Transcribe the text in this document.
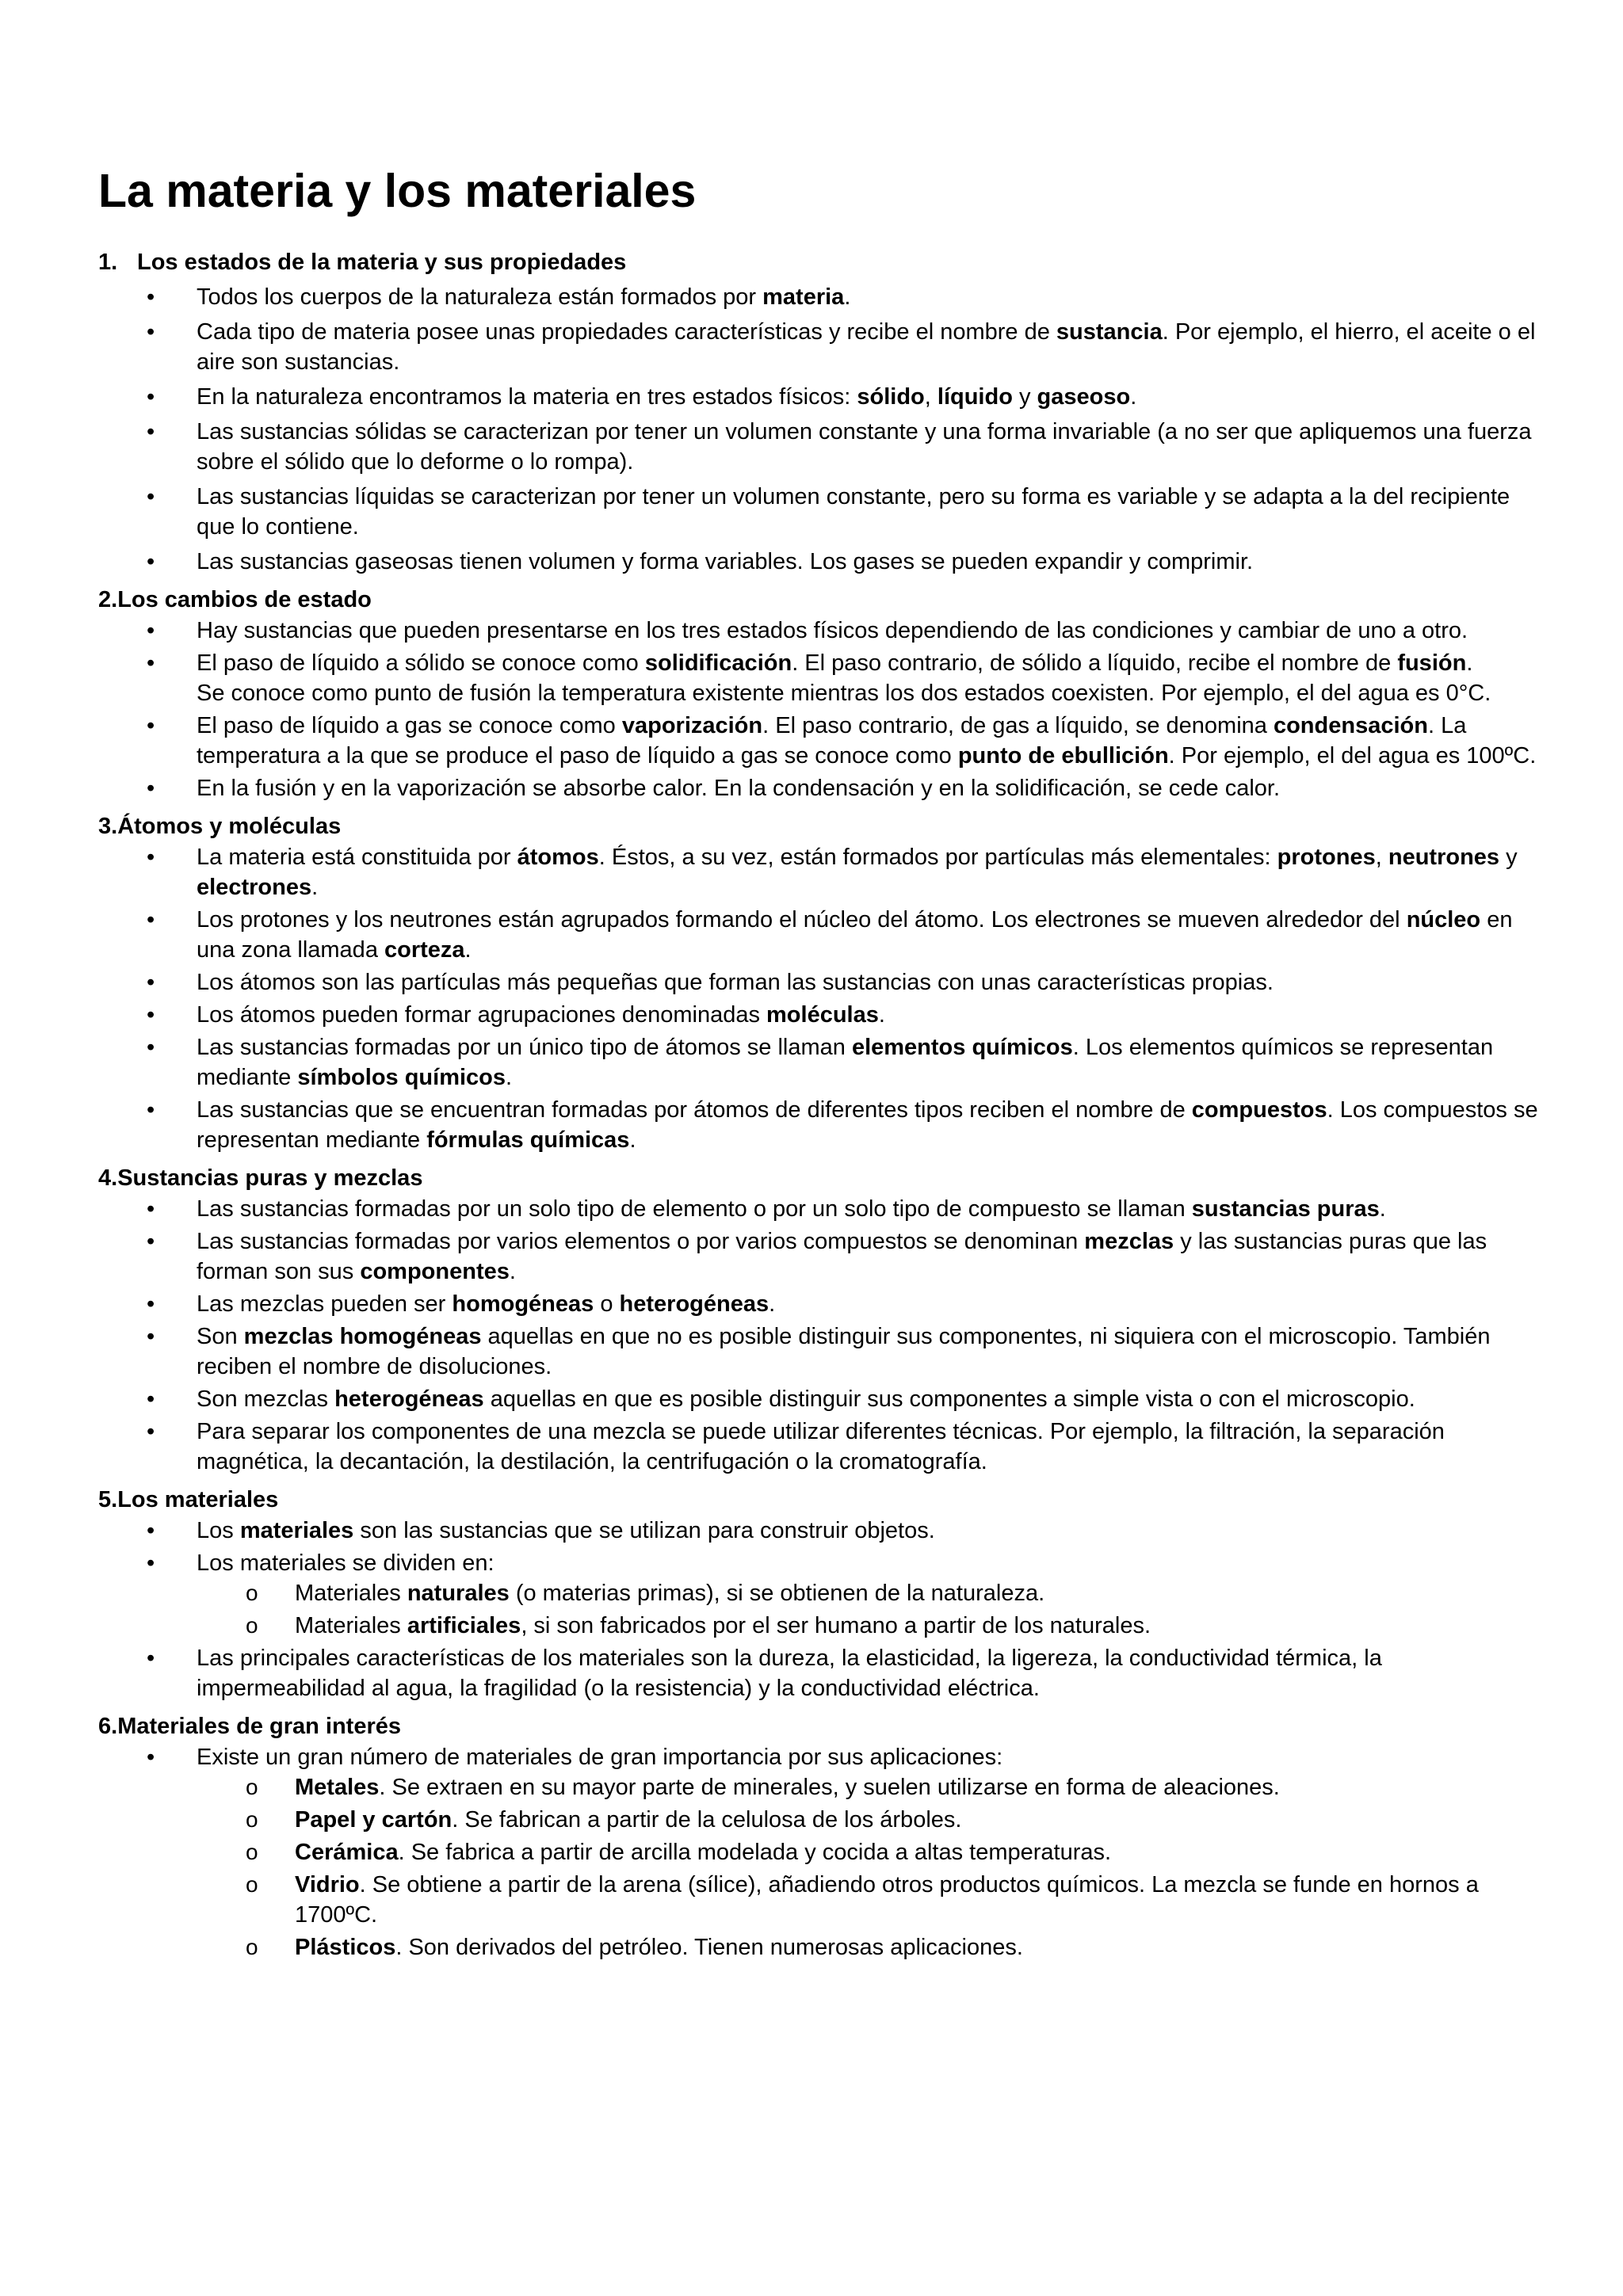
La materia y los materiales
1. Los estados de la materia y sus propiedades
• Todos los cuerpos de la naturaleza están formados por materia.
• Cada tipo de materia posee unas propiedades características y recibe el nombre de sustancia. Por ejemplo, el hierro, el aceite o el aire son sustancias.
• En la naturaleza encontramos la materia en tres estados físicos: sólido, líquido y gaseoso.
• Las sustancias sólidas se caracterizan por tener un volumen constante y una forma invariable (a no ser que apliquemos una fuerza sobre el sólido que lo deforme o lo rompa).
• Las sustancias líquidas se caracterizan por tener un volumen constante, pero su forma es variable y se adapta a la del recipiente que lo contiene.
• Las sustancias gaseosas tienen volumen y forma variables. Los gases se pueden expandir y comprimir.
2.Los cambios de estado
• Hay sustancias que pueden presentarse en los tres estados físicos dependiendo de las condiciones y cambiar de uno a otro.
• El paso de líquido a sólido se conoce como solidificación. El paso contrario, de sólido a líquido, recibe el nombre de fusión.
Se conoce como punto de fusión la temperatura existente mientras los dos estados coexisten. Por ejemplo, el del agua es 0°C.
• El paso de líquido a gas se conoce como vaporización. El paso contrario, de gas a líquido, se denomina condensación. La temperatura a la que se produce el paso de líquido a gas se conoce como punto de ebullición. Por ejemplo, el del agua es 100ºC.
• En la fusión y en la vaporización se absorbe calor. En la condensación y en la solidificación, se cede calor.
3.Átomos y moléculas
• La materia está constituida por átomos. Éstos, a su vez, están formados por partículas más elementales: protones, neutrones y electrones.
• Los protones y los neutrones están agrupados formando el núcleo del átomo. Los electrones se mueven alrededor del núcleo en una zona llamada corteza.
• Los átomos son las partículas más pequeñas que forman las sustancias con unas características propias.
• Los átomos pueden formar agrupaciones denominadas moléculas.
• Las sustancias formadas por un único tipo de átomos se llaman elementos químicos. Los elementos químicos se representan mediante símbolos químicos.
• Las sustancias que se encuentran formadas por átomos de diferentes tipos reciben el nombre de compuestos. Los compuestos se representan mediante fórmulas químicas.
4.Sustancias puras y mezclas
• Las sustancias formadas por un solo tipo de elemento o por un solo tipo de compuesto se llaman sustancias puras.
• Las sustancias formadas por varios elementos o por varios compuestos se denominan mezclas y las sustancias puras que las forman son sus componentes.
• Las mezclas pueden ser homogéneas o heterogéneas.
• Son mezclas homogéneas aquellas en que no es posible distinguir sus componentes, ni siquiera con el microscopio. También reciben el nombre de disoluciones.
• Son mezclas heterogéneas aquellas en que es posible distinguir sus componentes a simple vista o con el microscopio.
• Para separar los componentes de una mezcla se puede utilizar diferentes técnicas. Por ejemplo, la filtración, la separación magnética, la decantación, la destilación, la centrifugación o la cromatografía.
5.Los materiales
• Los materiales son las sustancias que se utilizan para construir objetos.
• Los materiales se dividen en:
o Materiales naturales (o materias primas), si se obtienen de la naturaleza.
o Materiales artificiales, si son fabricados por el ser humano a partir de los naturales.
• Las principales características de los materiales son la dureza, la elasticidad, la ligereza, la conductividad térmica, la impermeabilidad al agua, la fragilidad (o la resistencia) y la conductividad eléctrica.
6.Materiales de gran interés
• Existe un gran número de materiales de gran importancia por sus aplicaciones:
o Metales. Se extraen en su mayor parte de minerales, y suelen utilizarse en forma de aleaciones.
o Papel y cartón. Se fabrican a partir de la celulosa de los árboles.
o Cerámica. Se fabrica a partir de arcilla modelada y cocida a altas temperaturas.
o Vidrio. Se obtiene a partir de la arena (sílice), añadiendo otros productos químicos. La mezcla se funde en hornos a 1700ºC.
o Plásticos. Son derivados del petróleo. Tienen numerosas aplicaciones.
